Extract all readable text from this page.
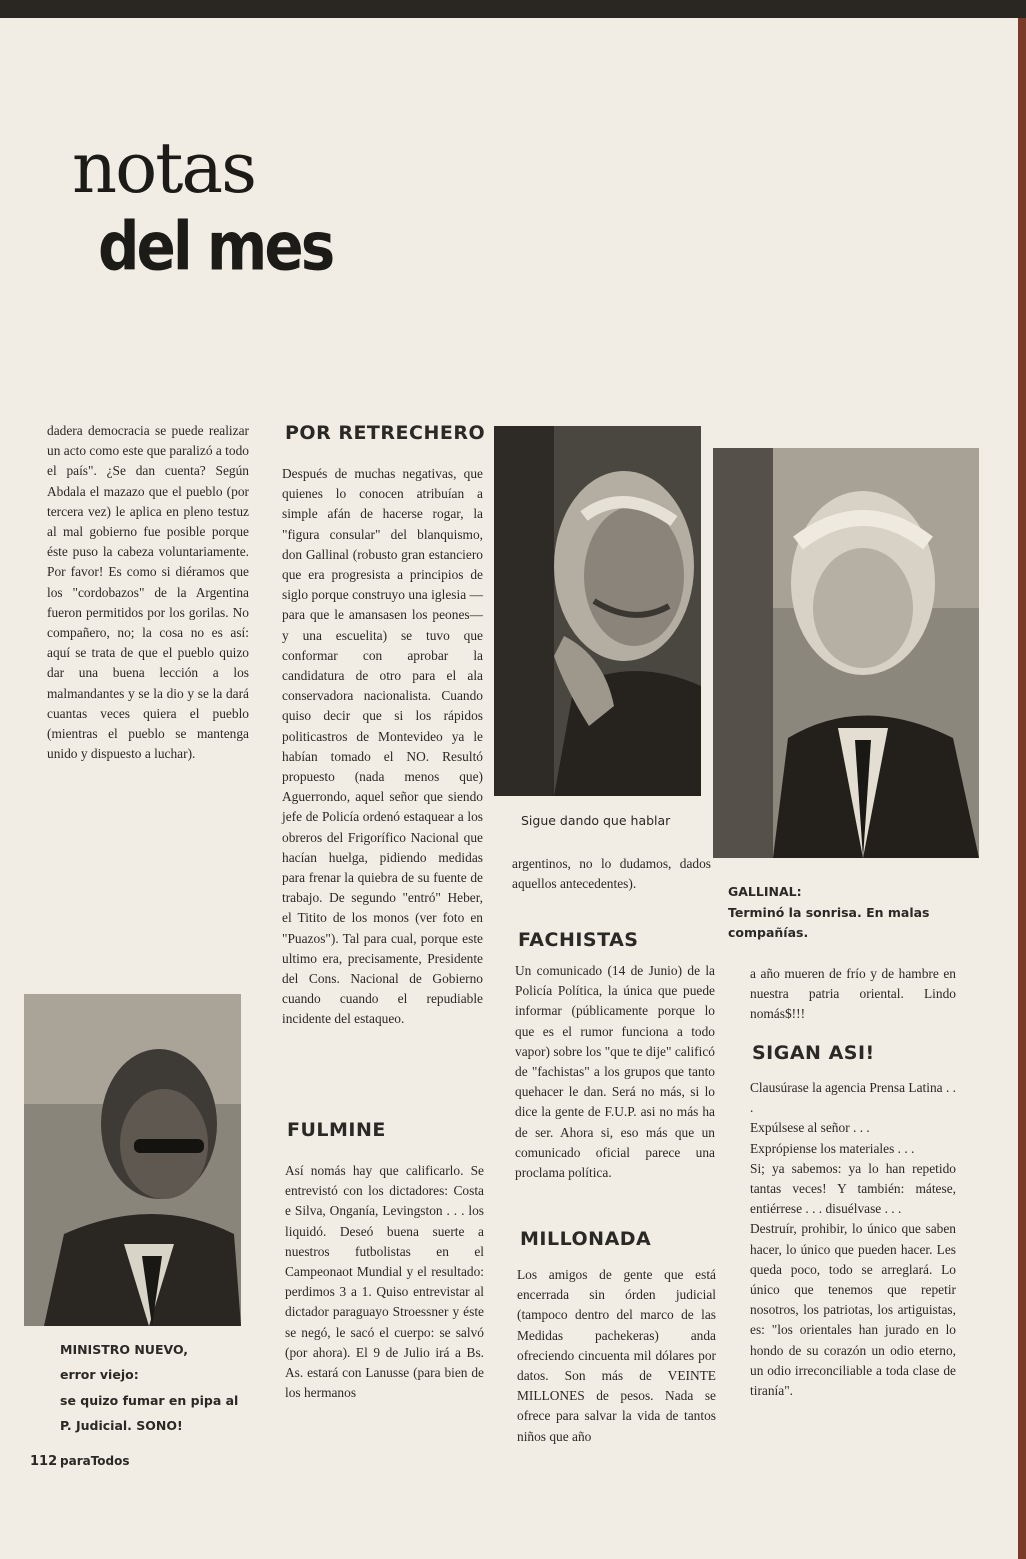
notas
del mes

dadera democracia se puede realizar un acto como este que paralizó a todo el país". ¿Se dan cuenta? Según Abdala el mazazo que el pueblo (por tercera vez) le aplica en pleno testuz al mal gobierno fue posible porque éste puso la cabeza voluntariamente. Por favor! Es como si diéramos que los "cordobazos" de la Argentina fueron permitidos por los gorilas. No compañero, no; la cosa no es así: aquí se trata de que el pueblo quizo dar una buena lección a los malmandantes y se la dio y se la dará cuantas veces quiera el pueblo (mientras el pueblo se mantenga unido y dispuesto a luchar).

MINISTRO NUEVO,

error viejo:

se quizo fumar en pipa al

P. Judicial. SONO!

POR RETRECHERO

Después de muchas negativas, que quienes lo conocen atribuían a simple afán de hacerse rogar, la "figura consular" del blanquismo, don Gallinal (robusto gran estanciero que era progresista a principios de siglo porque construyo una iglesia —para que le amansasen los peones— y una escuelita) se tuvo que conformar con aprobar la candidatura de otro para el ala conservadora nacionalista. Cuando quiso decir que si los rápidos politicastros de Montevideo ya le habían tomado el NO. Resultó propuesto (nada menos que) Aguerrondo, aquel señor que siendo jefe de Policía ordenó estaquear a los obreros del Frigorífico Nacional que hacían huelga, pidiendo medidas para frenar la quiebra de su fuente de trabajo. De segundo "entró" Heber, el Titito de los monos (ver foto en "Puazos"). Tal para cual, porque este ultimo era, precisamente, Presidente del Cons. Nacional de Gobierno cuando cuando el repudiable incidente del estaqueo.

FULMINE

Así nomás hay que calificarlo. Se entrevistó con los dictadores: Costa e Silva, Onganía, Levingston . . . los liquidó. Deseó buena suerte a nuestros futbolistas en el Campeonaot Mundial y el resultado: perdimos 3 a 1. Quiso entrevistar al dictador paraguayo Stroessner y éste se negó, le sacó el cuerpo: se salvó (por ahora). El 9 de Julio irá a Bs. As. estará con Lanusse (para bien de los hermanos

Sigue dando que hablar

argentinos, no lo dudamos, dados aquellos antecedentes).

FACHISTAS

Un comunicado (14 de Junio) de la Policía Política, la única que puede informar (públicamente porque lo que es el rumor funciona a todo vapor) sobre los "que te dije" calificó de "fachistas" a los grupos que tanto quehacer le dan. Será no más, si lo dice la gente de F.U.P. asi no más ha de ser. Ahora si, eso más que un comunicado oficial parece una proclama política.

MILLONADA

Los amigos de gente que está encerrada sin órden judicial (tampoco dentro del marco de las Medidas pachekeras) anda ofreciendo cincuenta mil dólares por datos. Son más de VEINTE MILLONES de pesos. Nada se ofrece para salvar la vida de tantos niños que año

GALLINAL:

Terminó la sonrisa. En malas

compañías.

a año mueren de frío y de hambre en nuestra patria oriental. Lindo nomás$!!!

SIGAN ASI!

Clausúrase la agencia Prensa Latina . . .
Expúlsese al señor . . .
Exprópiense los materiales . . .
Si; ya sabemos: ya lo han repetido tantas veces! Y también: mátese, entiérrese . . . disuélvase . . .
Destruír, prohibir, lo único que saben hacer, lo único que pueden hacer. Les queda poco, todo se arreglará. Lo único que tenemos que repetir nosotros, los patriotas, los artiguistas, es: "los orientales han jurado en lo hondo de su corazón un odio eterno, un odio irreconciliable a toda clase de tiranía".

112 paraTodos
